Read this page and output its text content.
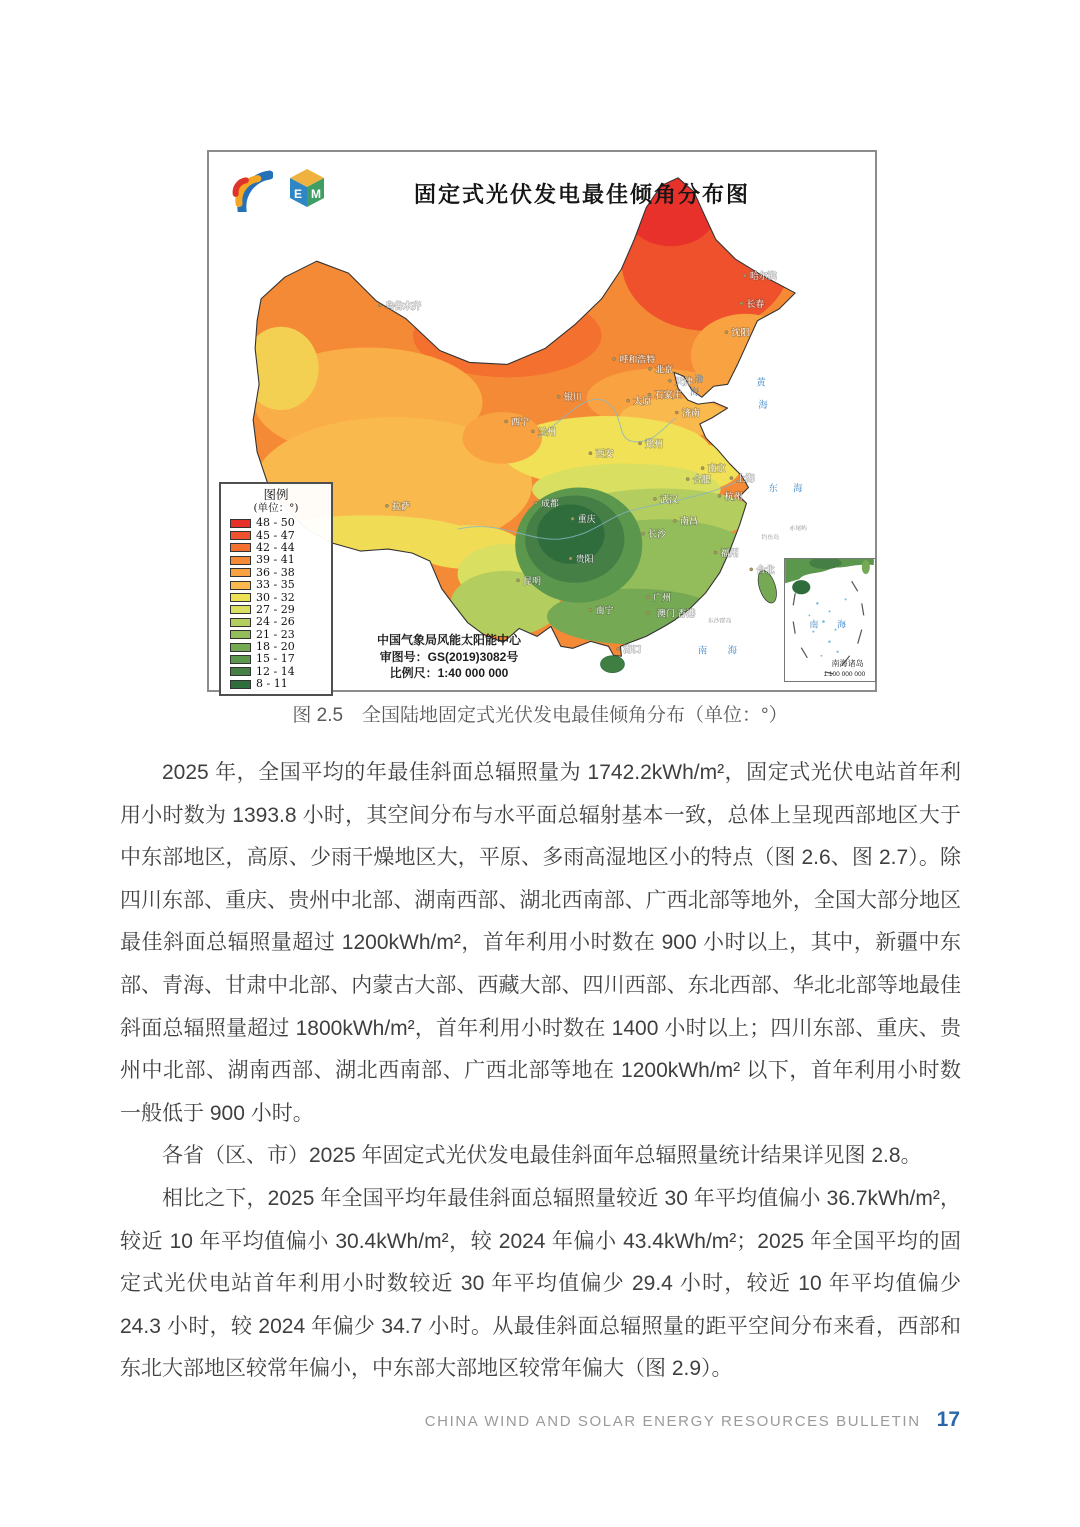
乌鲁木齐
哈尔滨
长春
沈阳
呼和浩特
北京
天津
银川	太原
石家庄
济南
西宁
兰州
郑州
西安
南京
合肥	上海
武汉	杭州
成都
重庆	南昌
长沙
贵阳
昆明
福州
台北
广州
澳门 香港
南宁
海口
拉萨
渤
海
黄
海
东 海
南 海
钓鱼岛
赤尾屿
东沙群岛
E M	固定式光伏发电最佳倾角分布图
图例
(单位：°)
48 - 50
45 - 47
42 - 44
39 - 41
36 - 38
33 - 35
30 - 32
27 - 29
24 - 26
21 - 23
18 - 20
15 - 17
12 - 14
8 - 11
中国气象局风能太阳能中心
审图号：GS(2019)3082号
比例尺：1:40 000 000
南 海
南海诸岛
1:100 000 000
图 2.5　全国陆地固定式光伏发电最佳倾角分布（单位：°）

2025 年，全国平均的年最佳斜面总辐照量为 1742.2kWh/m²，固定式光伏电站首年利用小时数为 1393.8 小时，其空间分布与水平面总辐射基本一致，总体上呈现西部地区大于中东部地区，高原、少雨干燥地区大，平原、多雨高湿地区小的特点（图 2.6、图 2.7）。除四川东部、重庆、贵州中北部、湖南西部、湖北西南部、广西北部等地外，全国大部分地区最佳斜面总辐照量超过 1200kWh/m²，首年利用小时数在 900 小时以上，其中，新疆中东部、青海、甘肃中北部、内蒙古大部、西藏大部、四川西部、东北西部、华北北部等地最佳斜面总辐照量超过 1800kWh/m²，首年利用小时数在 1400 小时以上；四川东部、重庆、贵州中北部、湖南西部、湖北西南部、广西北部等地在 1200kWh/m² 以下，首年利用小时数一般低于 900 小时。

各省（区、市）2025 年固定式光伏发电最佳斜面年总辐照量统计结果详见图 2.8。

相比之下，2025 年全国平均年最佳斜面总辐照量较近 30 年平均值偏小 36.7kWh/m²，较近 10 年平均值偏小 30.4kWh/m²，较 2024 年偏小 43.4kWh/m²；2025 年全国平均的固定式光伏电站首年利用小时数较近 30 年平均值偏少 29.4 小时，较近 10 年平均值偏少 24.3 小时，较 2024 年偏少 34.7 小时。从最佳斜面总辐照量的距平空间分布来看，西部和东北大部地区较常年偏小，中东部大部地区较常年偏大（图 2.9）。

CHINA WIND AND SOLAR ENERGY RESOURCES BULLETIN 17
